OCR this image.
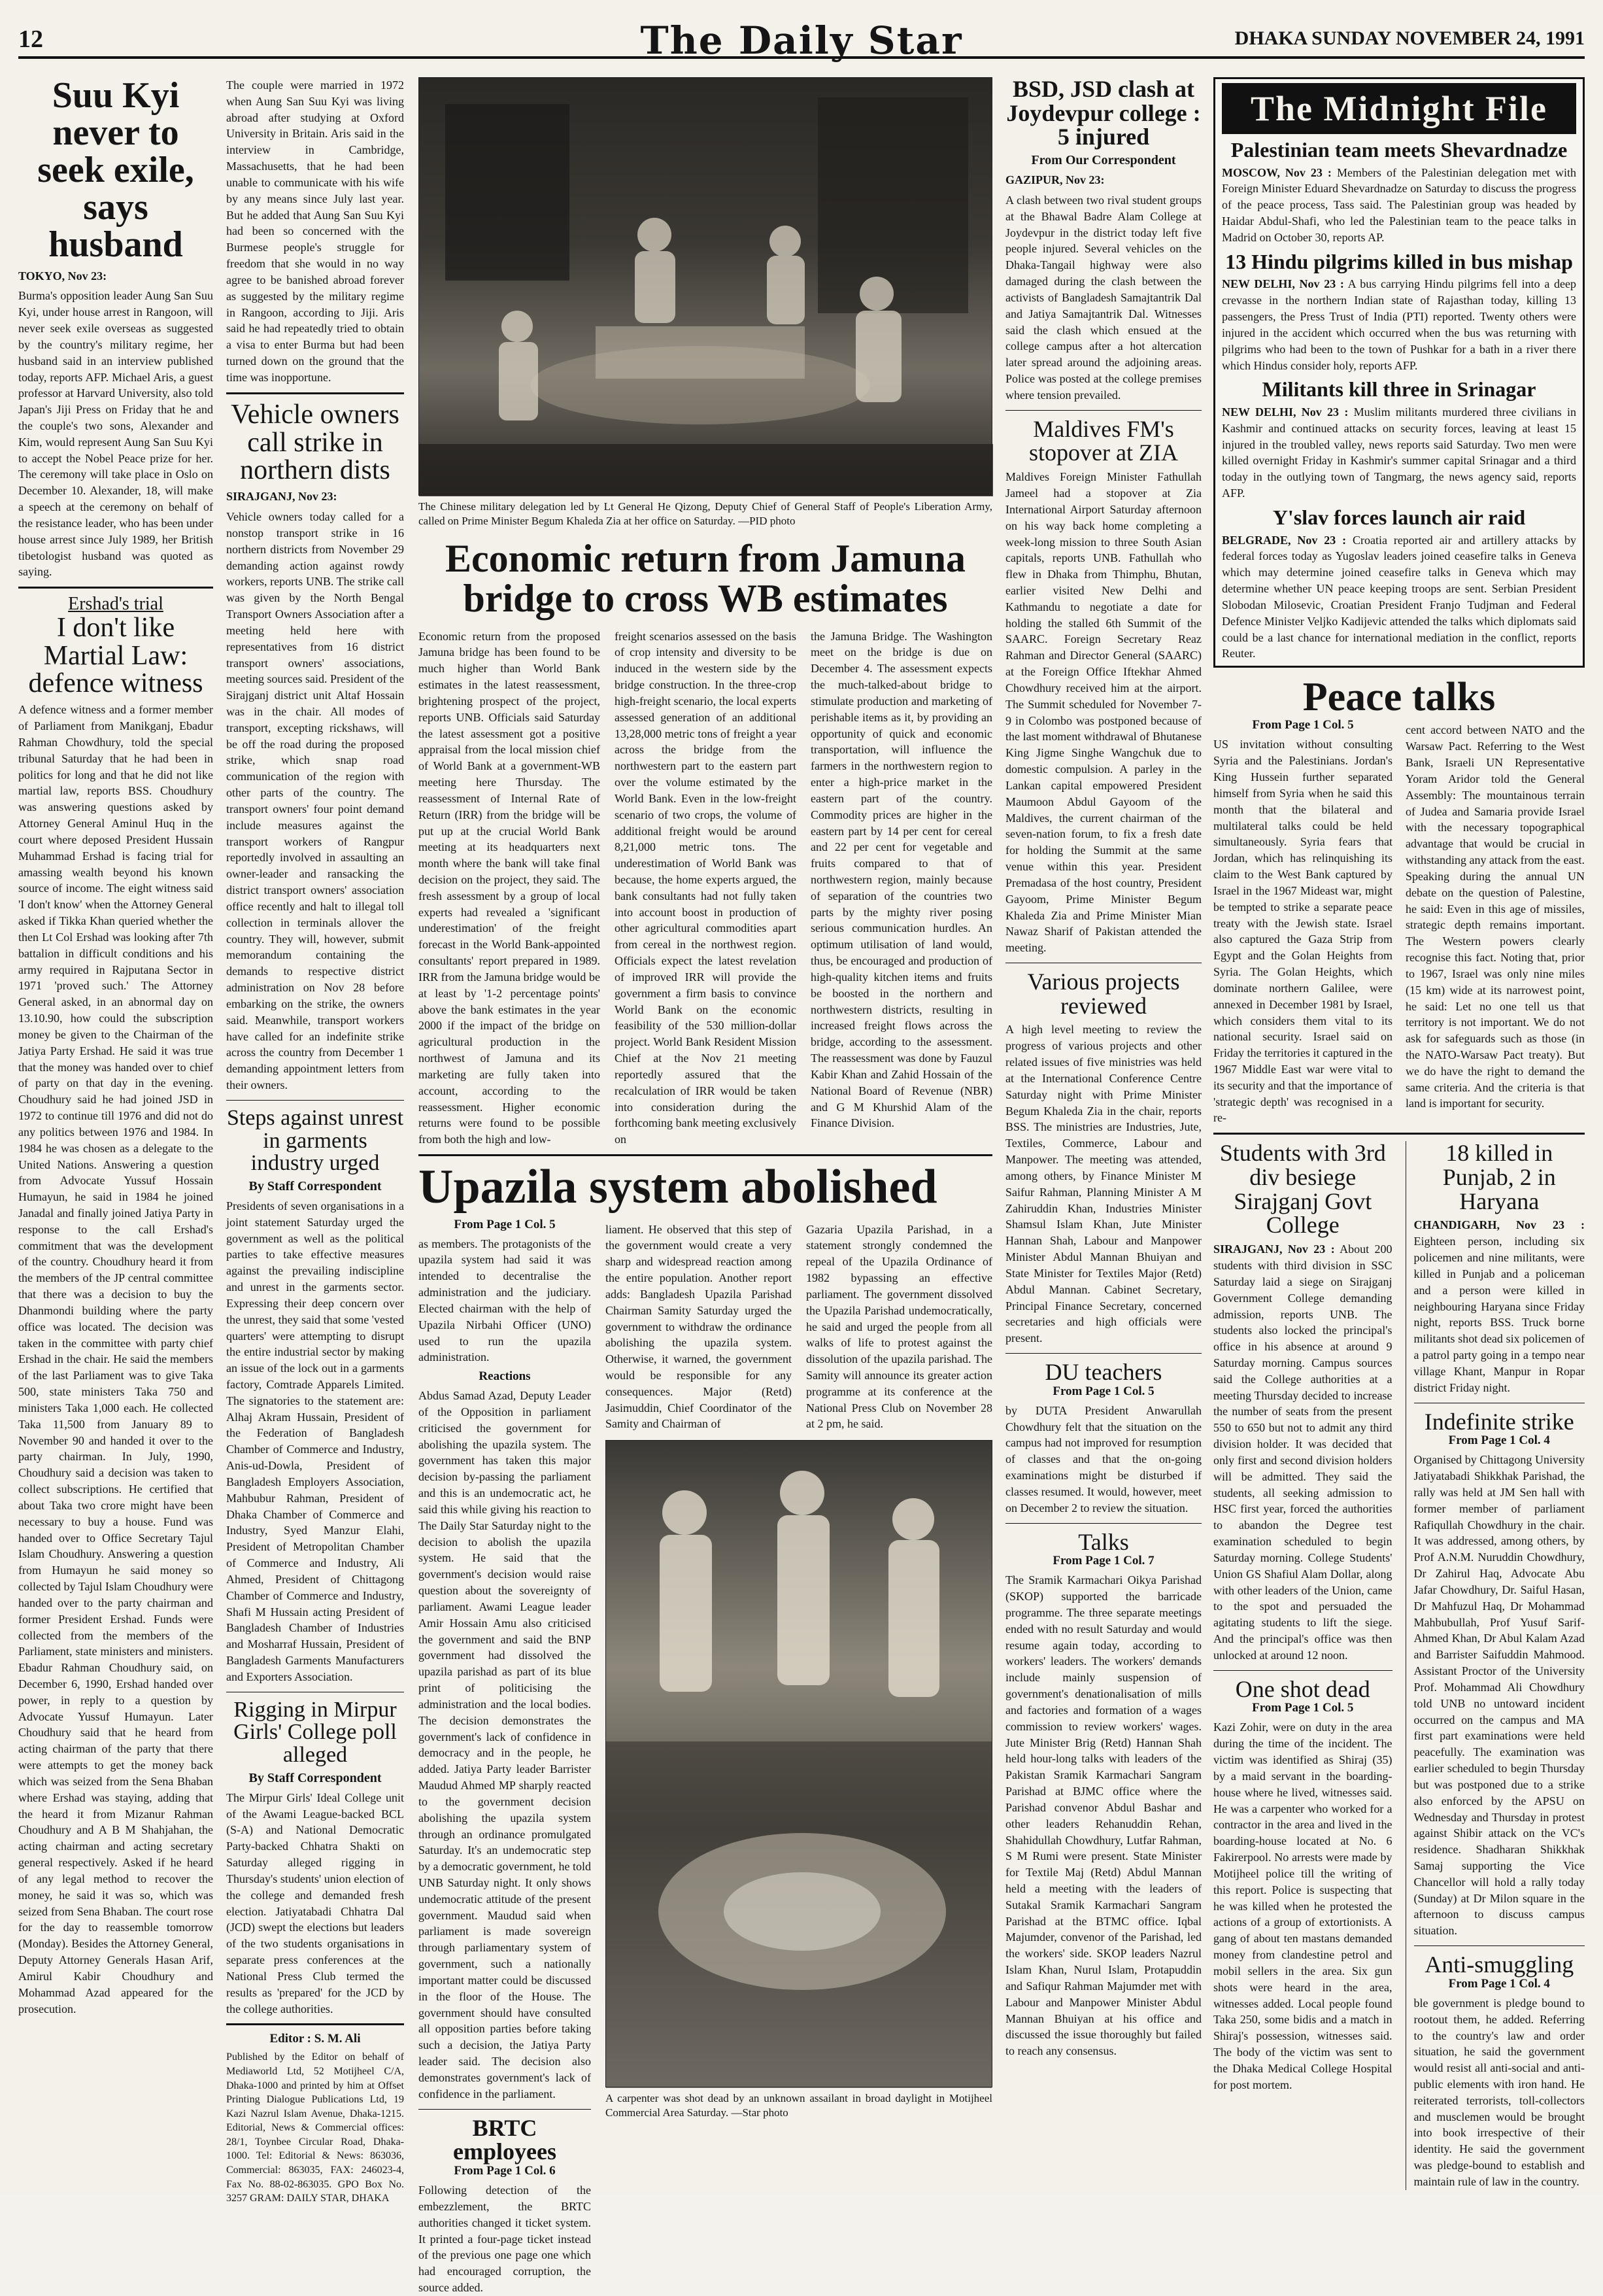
12	The Daily Star	DHAKA SUNDAY NOVEMBER 24, 1991
Suu Kyi never to seek exile, says husband
TOKYO, Nov 23:
Burma's opposition leader Aung San Suu Kyi, under house arrest in Rangoon, will never seek exile overseas as suggested by the country's military regime, her husband said in an interview published today, reports AFP. Michael Aris, a guest professor at Harvard University, also told Japan's Jiji Press on Friday that he and the couple's two sons, Alexander and Kim, would represent Aung San Suu Kyi to accept the Nobel Peace prize for her. The ceremony will take place in Oslo on December 10. Alexander, 18, will make a speech at the ceremony on behalf of the resistance leader, who has been under house arrest since July 1989, her British tibetologist husband was quoted as saying.
Ershad's trial
I don't like Martial Law: defence witness
A defence witness and a former member of Parliament from Manikganj, Ebadur Rahman Chowdhury, told the special tribunal Saturday that he had been in politics for long and that he did not like martial law, reports BSS. Choudhury was answering questions asked by Attorney General Aminul Huq in the court where deposed President Hussain Muhammad Ershad is facing trial for amassing wealth beyond his known source of income. The eight witness said 'I don't know' when the Attorney General asked if Tikka Khan queried whether the then Lt Col Ershad was looking after 7th battalion in difficult conditions and his army required in Rajputana Sector in 1971 'proved such.' The Attorney General asked, in an abnormal day on 13.10.90, how could the subscription money be given to the Chairman of the Jatiya Party Ershad. He said it was true that the money was handed over to chief of party on that day in the evening. Choudhury said he had joined JSD in 1972 to continue till 1976 and did not do any politics between 1976 and 1984. In 1984 he was chosen as a delegate to the United Nations. Answering a question from Advocate Yussuf Hossain Humayun, he said in 1984 he joined Janadal and finally joined Jatiya Party in response to the call Ershad's commitment that was the development of the country. Choudhury heard it from the members of the JP central committee that there was a decision to buy the Dhanmondi building where the party office was located. The decision was taken in the committee with party chief Ershad in the chair. He said the members of the last Parliament was to give Taka 500, state ministers Taka 750 and ministers Taka 1,000 each. He collected Taka 11,500 from January 89 to November 90 and handed it over to the party chairman. In July, 1990, Choudhury said a decision was taken to collect subscriptions. He certified that about Taka two crore might have been necessary to buy a house. Fund was handed over to Office Secretary Tajul Islam Choudhury. Answering a question from Humayun he said money so collected by Tajul Islam Choudhury were handed over to the party chairman and former President Ershad. Funds were collected from the members of the Parliament, state ministers and ministers. Ebadur Rahman Choudhury said, on December 6, 1990, Ershad handed over power, in reply to a question by Advocate Yussuf Humayun. Later Choudhury said that he heard from acting chairman of the party that there were attempts to get the money back which was seized from the Sena Bhaban where Ershad was staying, adding that the heard it from Mizanur Rahman Choudhury and A B M Shahjahan, the acting chairman and acting secretary general respectively. Asked if he heard of any legal method to recover the money, he said it was so, which was seized from Sena Bhaban. The court rose for the day to reassemble tomorrow (Monday). Besides the Attorney General, Deputy Attorney Generals Hasan Arif, Amirul Kabir Choudhury and Mohammad Azad appeared for the prosecution.
The couple were married in 1972 when Aung San Suu Kyi was living abroad after studying at Oxford University in Britain. Aris said in the interview in Cambridge, Massachusetts, that he had been unable to communicate with his wife by any means since July last year. But he added that Aung San Suu Kyi had been so concerned with the Burmese people's struggle for freedom that she would in no way agree to be banished abroad forever as suggested by the military regime in Rangoon, according to Jiji. Aris said he had repeatedly tried to obtain a visa to enter Burma but had been turned down on the ground that the time was inopportune.
Vehicle owners call strike in northern dists
SIRAJGANJ, Nov 23:
Vehicle owners today called for a nonstop transport strike in 16 northern districts from November 29 demanding action against rowdy workers, reports UNB. The strike call was given by the North Bengal Transport Owners Association after a meeting held here with representatives from 16 district transport owners' associations, meeting sources said. President of the Sirajganj district unit Altaf Hossain was in the chair. All modes of transport, excepting rickshaws, will be off the road during the proposed strike, which snap road communication of the region with other parts of the country. The transport owners' four point demand include measures against the transport workers of Rangpur reportedly involved in assaulting an owner-leader and ransacking the district transport owners' association office recently and halt to illegal toll collection in terminals allover the country. They will, however, submit memorandum containing the demands to respective district administration on Nov 28 before embarking on the strike, the owners said. Meanwhile, transport workers have called for an indefinite strike across the country from December 1 demanding appointment letters from their owners.
Steps against unrest in garments industry urged
By Staff Correspondent
Presidents of seven organisations in a joint statement Saturday urged the government as well as the political parties to take effective measures against the prevailing indiscipline and unrest in the garments sector. Expressing their deep concern over the unrest, they said that some 'vested quarters' were attempting to disrupt the entire industrial sector by making an issue of the lock out in a garments factory, Comtrade Apparels Limited. The signatories to the statement are: Alhaj Akram Hussain, President of the Federation of Bangladesh Chamber of Commerce and Industry, Anis-ud-Dowla, President of Bangladesh Employers Association, Mahbubur Rahman, President of Dhaka Chamber of Commerce and Industry, Syed Manzur Elahi, President of Metropolitan Chamber of Commerce and Industry, Ali Ahmed, President of Chittagong Chamber of Commerce and Industry, Shafi M Hussain acting President of Bangladesh Chamber of Industries and Mosharraf Hussain, President of Bangladesh Garments Manufacturers and Exporters Association.
Rigging in Mirpur Girls' College poll alleged
By Staff Correspondent
The Mirpur Girls' Ideal College unit of the Awami League-backed BCL (S-A) and National Democratic Party-backed Chhatra Shakti on Saturday alleged rigging in Thursday's students' union election of the college and demanded fresh election. Jatiyatabadi Chhatra Dal (JCD) swept the elections but leaders of the two students organisations in separate press conferences at the National Press Club termed the results as 'prepared' for the JCD by the college authorities.
Editor : S. M. Ali
Published by the Editor on behalf of Mediaworld Ltd, 52 Motijheel C/A, Dhaka-1000 and printed by him at Offset Printing Dialogue Publications Ltd, 19 Kazi Nazrul Islam Avenue, Dhaka-1215. Editorial, News & Commercial offices: 28/1, Toynbee Circular Road, Dhaka-1000. Tel: Editorial & News: 863036, Commercial: 863035, FAX: 246023-4, Fax No. 88-02-863035. GPO Box No. 3257 GRAM: DAILY STAR, DHAKA
The Chinese military delegation led by Lt General He Qizong, Deputy Chief of General Staff of People's Liberation Army, called on Prime Minister Begum Khaleda Zia at her office on Saturday. —PID photo
Economic return from Jamuna bridge to cross WB estimates
Economic return from the proposed Jamuna bridge has been found to be much higher than World Bank estimates in the latest reassessment, brightening prospect of the project, reports UNB. Officials said Saturday the latest assessment got a positive appraisal from the local mission chief of World Bank at a government-WB meeting here Thursday. The reassessment of Internal Rate of Return (IRR) from the bridge will be put up at the crucial World Bank meeting at its headquarters next month where the bank will take final decision on the project, they said. The fresh assessment by a group of local experts had revealed a 'significant underestimation' of the freight forecast in the World Bank-appointed consultants' report prepared in 1989. IRR from the Jamuna bridge would be at least by '1-2 percentage points' above the bank estimates in the year 2000 if the impact of the bridge on agricultural production in the northwest of Jamuna and its marketing are fully taken into account, according to the reassessment. Higher economic returns were found to be possible from both the high and low-
freight scenarios assessed on the basis of crop intensity and diversity to be induced in the western side by the bridge construction. In the three-crop high-freight scenario, the local experts assessed generation of an additional 13,28,000 metric tons of freight a year across the bridge from the northwestern part to the eastern part over the volume estimated by the World Bank. Even in the low-freight scenario of two crops, the volume of additional freight would be around 8,21,000 metric tons. The underestimation of World Bank was because, the home experts argued, the bank consultants had not fully taken into account boost in production of other agricultural commodities apart from cereal in the northwest region. Officials expect the latest revelation of improved IRR will provide the government a firm basis to convince World Bank on the economic feasibility of the 530 million-dollar project. World Bank Resident Mission Chief at the Nov 21 meeting reportedly assured that the recalculation of IRR would be taken into consideration during the forthcoming bank meeting exclusively on
the Jamuna Bridge. The Washington meet on the bridge is due on December 4. The assessment expects the much-talked-about bridge to stimulate production and marketing of perishable items as it, by providing an opportunity of quick and economic transportation, will influence the farmers in the northwestern region to enter a high-price market in the eastern part of the country. Commodity prices are higher in the eastern part by 14 per cent for cereal and 22 per cent for vegetable and fruits compared to that of northwestern region, mainly because of separation of the countries two parts by the mighty river posing serious communication hurdles. An optimum utilisation of land would, thus, be encouraged and production of high-quality kitchen items and fruits be boosted in the northern and northwestern districts, resulting in increased freight flows across the bridge, according to the assessment. The reassessment was done by Fauzul Kabir Khan and Zahid Hossain of the National Board of Revenue (NBR) and G M Khurshid Alam of the Finance Division.
Upazila system abolished
From Page 1 Col. 5
as members. The protagonists of the upazila system had said it was intended to decentralise the administration and the judiciary. Elected chairman with the help of Upazila Nirbahi Officer (UNO) used to run the upazila administration.
Reactions
Abdus Samad Azad, Deputy Leader of the Opposition in parliament criticised the government for abolishing the upazila system. The government has taken this major decision by-passing the parliament and this is an undemocratic act, he said this while giving his reaction to The Daily Star Saturday night to the decision to abolish the upazila system. He said that the government's decision would raise question about the sovereignty of parliament. Awami League leader Amir Hossain Amu also criticised the government and said the BNP government had dissolved the upazila parishad as part of its blue print of politicising the administration and the local bodies. The decision demonstrates the government's lack of confidence in democracy and in the people, he added. Jatiya Party leader Barrister Maudud Ahmed MP sharply reacted to the government decision abolishing the upazila system through an ordinance promulgated Saturday. It's an undemocratic step by a democratic government, he told UNB Saturday night. It only shows undemocratic attitude of the present government. Maudud said when parliament is made sovereign through parliamentary system of government, such a nationally important matter could be discussed in the floor of the House. The government should have consulted all opposition parties before taking such a decision, the Jatiya Party leader said. The decision also demonstrates government's lack of confidence in the parliament.
BRTC employees
From Page 1 Col. 6
Following detection of the embezzlement, the BRTC authorities changed it ticket system. It printed a four-page ticket instead of the previous one page one which had encouraged corruption, the source added.
liament. He observed that this step of the government would create a very sharp and widespread reaction among the entire population. Another report adds: Bangladesh Upazila Parishad Chairman Samity Saturday urged the government to withdraw the ordinance abolishing the upazila system. Otherwise, it warned, the government would be responsible for any consequences. Major (Retd) Jasimuddin, Chief Coordinator of the Samity and Chairman of
Gazaria Upazila Parishad, in a statement strongly condemned the repeal of the Upazila Ordinance of 1982 bypassing an effective parliament. The government dissolved the Upazila Parishad undemocratically, he said and urged the people from all walks of life to protest against the dissolution of the upazila parishad. The Samity will announce its greater action programme at its conference at the National Press Club on November 28 at 2 pm, he said.
A carpenter was shot dead by an unknown assailant in broad daylight in Motijheel Commercial Area Saturday. —Star photo
BSD, JSD clash at Joydevpur college : 5 injured
From Our Correspondent
GAZIPUR, Nov 23:
A clash between two rival student groups at the Bhawal Badre Alam College at Joydevpur in the district today left five people injured. Several vehicles on the Dhaka-Tangail highway were also damaged during the clash between the activists of Bangladesh Samajtantrik Dal and Jatiya Samajtantrik Dal. Witnesses said the clash which ensued at the college campus after a hot altercation later spread around the adjoining areas. Police was posted at the college premises where tension prevailed.
Maldives FM's stopover at ZIA
Maldives Foreign Minister Fathullah Jameel had a stopover at Zia International Airport Saturday afternoon on his way back home completing a week-long mission to three South Asian capitals, reports UNB. Fathullah who flew in Dhaka from Thimphu, Bhutan, earlier visited New Delhi and Kathmandu to negotiate a date for holding the stalled 6th Summit of the SAARC. Foreign Secretary Reaz Rahman and Director General (SAARC) at the Foreign Office Iftekhar Ahmed Chowdhury received him at the airport. The Summit scheduled for November 7-9 in Colombo was postponed because of the last moment withdrawal of Bhutanese King Jigme Singhe Wangchuk due to domestic compulsion. A parley in the Lankan capital empowered President Maumoon Abdul Gayoom of the Maldives, the current chairman of the seven-nation forum, to fix a fresh date for holding the Summit at the same venue within this year. President Premadasa of the host country, President Gayoom, Prime Minister Begum Khaleda Zia and Prime Minister Mian Nawaz Sharif of Pakistan attended the meeting.
Various projects reviewed
A high level meeting to review the progress of various projects and other related issues of five ministries was held at the International Conference Centre Saturday night with Prime Minister Begum Khaleda Zia in the chair, reports BSS. The ministries are Industries, Jute, Textiles, Commerce, Labour and Manpower. The meeting was attended, among others, by Finance Minister M Saifur Rahman, Planning Minister A M Zahiruddin Khan, Industries Minister Shamsul Islam Khan, Jute Minister Hannan Shah, Labour and Manpower Minister Abdul Mannan Bhuiyan and State Minister for Textiles Major (Retd) Abdul Mannan. Cabinet Secretary, Principal Finance Secretary, concerned secretaries and high officials were present.
DU teachers
From Page 1 Col. 5
by DUTA President Anwarullah Chowdhury felt that the situation on the campus had not improved for resumption of classes and that the on-going examinations might be disturbed if classes resumed. It would, however, meet on December 2 to review the situation.
Talks
From Page 1 Col. 7
The Sramik Karmachari Oikya Parishad (SKOP) supported the barricade programme. The three separate meetings ended with no result Saturday and would resume again today, according to workers' leaders. The workers' demands include mainly suspension of government's denationalisation of mills and factories and formation of a wages commission to review workers' wages. Jute Minister Brig (Retd) Hannan Shah held hour-long talks with leaders of the Pakistan Sramik Karmachari Sangram Parishad at BJMC office where the Parishad convenor Abdul Bashar and other leaders Rehanuddin Rehan, Shahidullah Chowdhury, Lutfar Rahman, S M Rumi were present. State Minister for Textile Maj (Retd) Abdul Mannan held a meeting with the leaders of Sutakal Sramik Karmachari Sangram Parishad at the BTMC office. Iqbal Majumder, convenor of the Parishad, led the workers' side. SKOP leaders Nazrul Islam Khan, Nurul Islam, Protapuddin and Safiqur Rahman Majumder met with Labour and Manpower Minister Abdul Mannan Bhuiyan at his office and discussed the issue thoroughly but failed to reach any consensus.
The Midnight File
Palestinian team meets Shevardnadze
MOSCOW, Nov 23 : Members of the Palestinian delegation met with Foreign Minister Eduard Shevardnadze on Saturday to discuss the progress of the peace process, Tass said. The Palestinian group was headed by Haidar Abdul-Shafi, who led the Palestinian team to the peace talks in Madrid on October 30, reports AP.
13 Hindu pilgrims killed in bus mishap
NEW DELHI, Nov 23 : A bus carrying Hindu pilgrims fell into a deep crevasse in the northern Indian state of Rajasthan today, killing 13 passengers, the Press Trust of India (PTI) reported. Twenty others were injured in the accident which occurred when the bus was returning with pilgrims who had been to the town of Pushkar for a bath in a river there which Hindus consider holy, reports AFP.
Militants kill three in Srinagar
NEW DELHI, Nov 23 : Muslim militants murdered three civilians in Kashmir and continued attacks on security forces, leaving at least 15 injured in the troubled valley, news reports said Saturday. Two men were killed overnight Friday in Kashmir's summer capital Srinagar and a third today in the outlying town of Tangmarg, the news agency said, reports AFP.
Y'slav forces launch air raid
BELGRADE, Nov 23 : Croatia reported air and artillery attacks by federal forces today as Yugoslav leaders joined ceasefire talks in Geneva which may determine joined ceasefire talks in Geneva which may determine whether UN peace keeping troops are sent. Serbian President Slobodan Milosevic, Croatian President Franjo Tudjman and Federal Defence Minister Veljko Kadijevic attended the talks which diplomats said could be a last chance for international mediation in the conflict, reports Reuter.
Peace talks
From Page 1 Col. 5
US invitation without consulting Syria and the Palestinians. Jordan's King Hussein further separated himself from Syria when he said this month that the bilateral and multilateral talks could be held simultaneously. Syria fears that Jordan, which has relinquishing its claim to the West Bank captured by Israel in the 1967 Mideast war, might be tempted to strike a separate peace treaty with the Jewish state. Israel also captured the Gaza Strip from Egypt and the Golan Heights from Syria. The Golan Heights, which dominate northern Galilee, were annexed in December 1981 by Israel, which considers them vital to its national security. Israel said on Friday the territories it captured in the 1967 Middle East war were vital to its security and that the importance of 'strategic depth' was recognised in a re-
cent accord between NATO and the Warsaw Pact. Referring to the West Bank, Israeli UN Representative Yoram Aridor told the General Assembly: The mountainous terrain of Judea and Samaria provide Israel with the necessary topographical advantage that would be crucial in withstanding any attack from the east. Speaking during the annual UN debate on the question of Palestine, he said: Even in this age of missiles, strategic depth remains important. The Western powers clearly recognise this fact. Noting that, prior to 1967, Israel was only nine miles (15 km) wide at its narrowest point, he said: Let no one tell us that territory is not important. We do not ask for safeguards such as those (in the NATO-Warsaw Pact treaty). But we do have the right to demand the same criteria. And the criteria is that land is important for security.
Students with 3rd div besiege Sirajganj Govt College
SIRAJGANJ, Nov 23 : About 200 students with third division in SSC Saturday laid a siege on Sirajganj Government College demanding admission, reports UNB. The students also locked the principal's office in his absence at around 9 Saturday morning. Campus sources said the College authorities at a meeting Thursday decided to increase the number of seats from the present 550 to 650 but not to admit any third division holder. It was decided that only first and second division holders will be admitted. They said the students, all seeking admission to HSC first year, forced the authorities to abandon the Degree test examination scheduled to begin Saturday morning. College Students' Union GS Shafiul Alam Dollar, along with other leaders of the Union, came to the spot and persuaded the agitating students to lift the siege. And the principal's office was then unlocked at around 12 noon.
One shot dead
From Page 1 Col. 5
Kazi Zohir, were on duty in the area during the time of the incident. The victim was identified as Shiraj (35) by a maid servant in the boarding-house where he lived, witnesses said. He was a carpenter who worked for a contractor in the area and lived in the boarding-house located at No. 6 Fakirerpool. No arrests were made by Motijheel police till the writing of this report. Police is suspecting that he was killed when he protested the actions of a group of extortionists. A gang of about ten mastans demanded money from clandestine petrol and mobil sellers in the area. Six gun shots were heard in the area, witnesses added. Local people found Taka 250, some bidis and a match in Shiraj's possession, witnesses said. The body of the victim was sent to the Dhaka Medical College Hospital for post mortem.
18 killed in Punjab, 2 in Haryana
CHANDIGARH, Nov 23 : Eighteen person, including six policemen and nine militants, were killed in Punjab and a policeman and a person were killed in neighbouring Haryana since Friday night, reports BSS. Truck borne militants shot dead six policemen of a patrol party going in a tempo near village Khant, Manpur in Ropar district Friday night.
Indefinite strike
From Page 1 Col. 4
Organised by Chittagong University Jatiyatabadi Shikkhak Parishad, the rally was held at JM Sen hall with former member of parliament Rafiqullah Chowdhury in the chair. It was addressed, among others, by Prof A.N.M. Nuruddin Chowdhury, Dr Zahirul Haq, Advocate Abu Jafar Chowdhury, Dr. Saiful Hasan, Dr Mahfuzul Haq, Dr Mohammad Mahbubullah, Prof Yusuf Sarif-Ahmed Khan, Dr Abul Kalam Azad and Barrister Saifuddin Mahmood. Assistant Proctor of the University Prof. Mohammad Ali Chowdhury told UNB no untoward incident occurred on the campus and MA first part examinations were held peacefully. The examination was earlier scheduled to begin Thursday but was postponed due to a strike also enforced by the APSU on Wednesday and Thursday in protest against Shibir attack on the VC's residence. Shadharan Shikkhak Samaj supporting the Vice Chancellor will hold a rally today (Sunday) at Dr Milon square in the afternoon to discuss campus situation.
Anti-smuggling
From Page 1 Col. 4
ble government is pledge bound to rootout them, he added. Referring to the country's law and order situation, he said the government would resist all anti-social and anti-public elements with iron hand. He reiterated terrorists, toll-collectors and musclemen would be brought into book irrespective of their identity. He said the government was pledge-bound to establish and maintain rule of law in the country.
